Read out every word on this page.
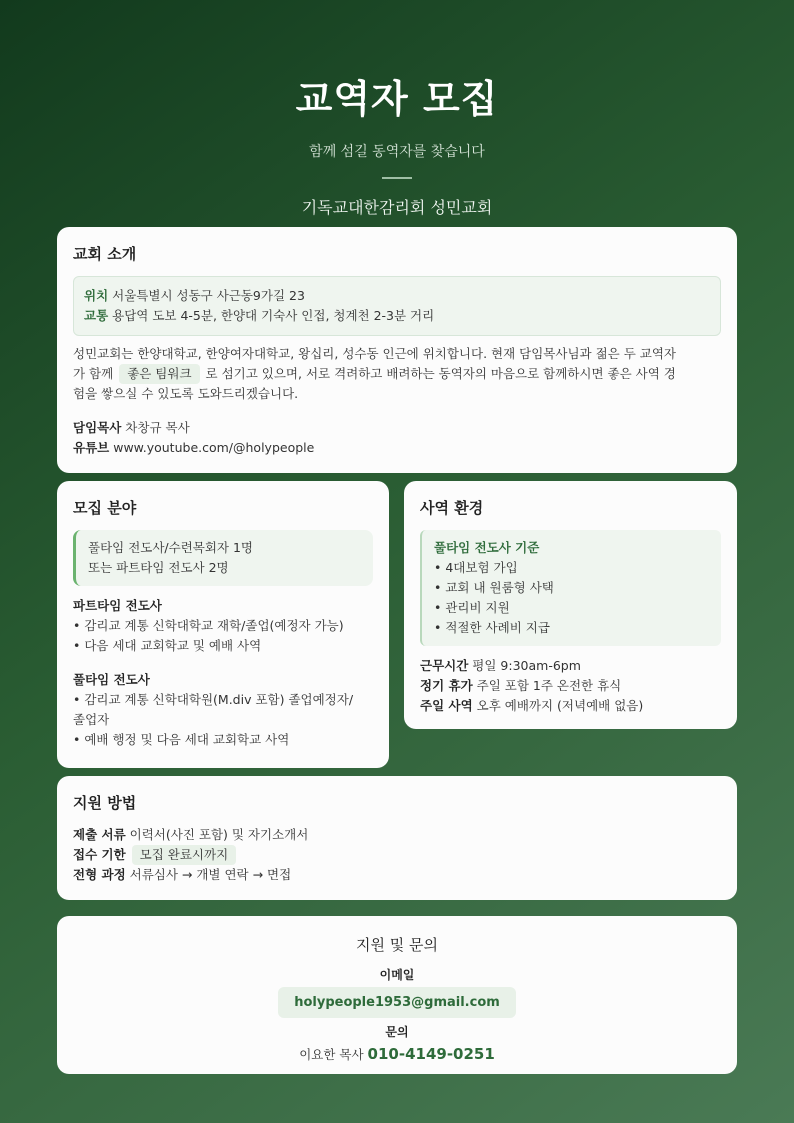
교역자 모집
함께 섬길 동역자를 찾습니다
기독교대한감리회 성민교회
교회 소개
위치 서울특별시 성동구 사근동9가길 23
교통 용답역 도보 4-5분, 한양대 기숙사 인접, 청계천 2-3분 거리
성민교회는 한양대학교, 한양여자대학교, 왕십리, 성수동 인근에 위치합니다. 현재 담임목사님과 젊은 두 교역자
가 함께 좋은 팀워크 로 섬기고 있으며, 서로 격려하고 배려하는 동역자의 마음으로 함께하시면 좋은 사역 경
험을 쌓으실 수 있도록 도와드리겠습니다.
담임목사 차창규 목사
유튜브 www.youtube.com/@holypeople
모집 분야
풀타임 전도사/수련목회자 1명
또는 파트타임 전도사 2명
파트타임 전도사
• 감리교 계통 신학대학교 재학/졸업(예정자 가능)
• 다음 세대 교회학교 및 예배 사역
풀타임 전도사
• 감리교 계통 신학대학원(M.div 포함) 졸업예정자/
졸업자
• 예배 행정 및 다음 세대 교회학교 사역
사역 환경
풀타임 전도사 기준
• 4대보험 가입
• 교회 내 원룸형 사택
• 관리비 지원
• 적절한 사례비 지급
근무시간 평일 9:30am-6pm
정기 휴가 주일 포함 1주 온전한 휴식
주일 사역 오후 예배까지 (저녁예배 없음)
지원 방법
제출 서류 이력서(사진 포함) 및 자기소개서
접수 기한 모집 완료시까지
전형 과정 서류심사 → 개별 연락 → 면접
지원 및 문의
이메일
holypeople1953@gmail.com
문의
이요한 목사 010-4149-0251
